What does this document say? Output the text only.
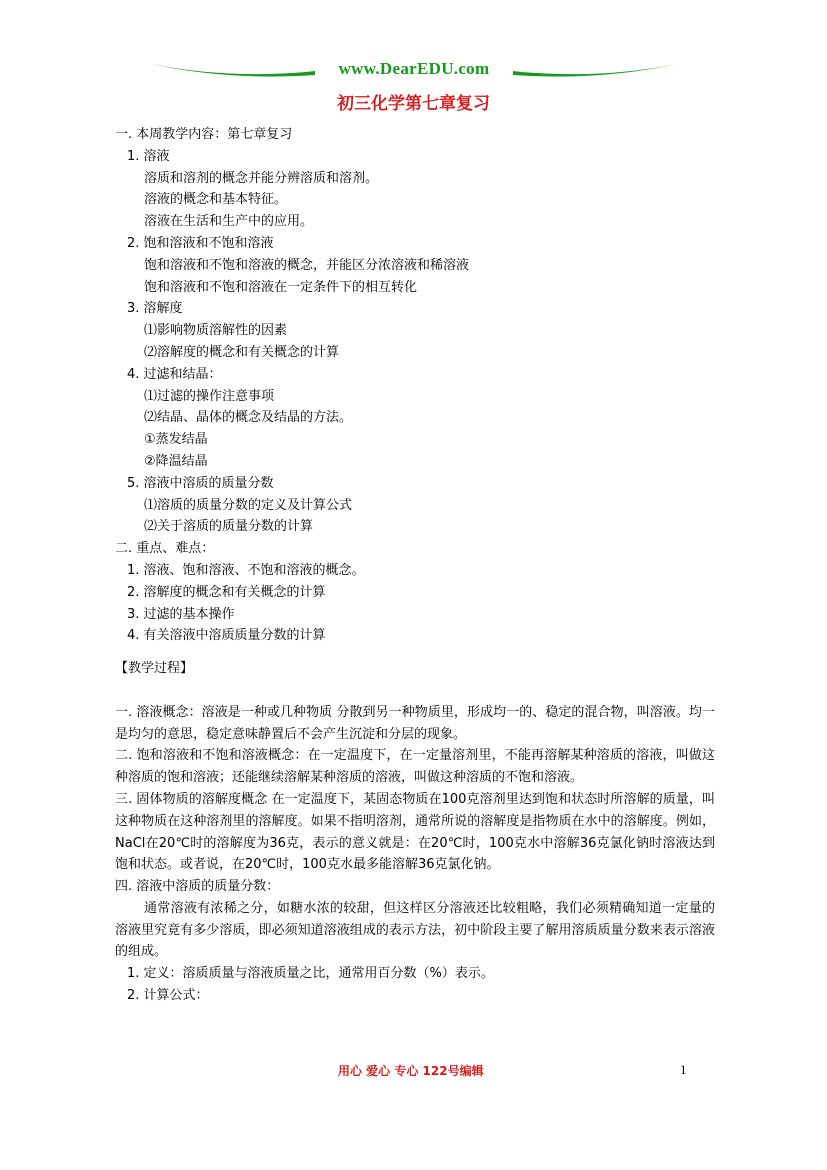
www.DearEDU.com
初三化学第七章复习
一. 本周教学内容：第七章复习
1. 溶液
溶质和溶剂的概念并能分辨溶质和溶剂。
溶液的概念和基本特征。
溶液在生活和生产中的应用。
2. 饱和溶液和不饱和溶液
饱和溶液和不饱和溶液的概念，并能区分浓溶液和稀溶液
饱和溶液和不饱和溶液在一定条件下的相互转化
3. 溶解度
⑴影响物质溶解性的因素
⑵溶解度的概念和有关概念的计算
4. 过滤和结晶：
⑴过滤的操作注意事项
⑵结晶、晶体的概念及结晶的方法。
①蒸发结晶
②降温结晶
5. 溶液中溶质的质量分数
⑴溶质的质量分数的定义及计算公式
⑵关于溶质的质量分数的计算
二. 重点、难点：
1. 溶液、饱和溶液、不饱和溶液的概念。
2. 溶解度的概念和有关概念的计算
3. 过滤的基本操作
4. 有关溶液中溶质质量分数的计算
【教学过程】
一. 溶液概念：溶液是一种或几种物质 分散到另一种物质里，形成均一的、稳定的混合物，叫溶液。均一是均匀的意思，稳定意味静置后不会产生沉淀和分层的现象。
二. 饱和溶液和不饱和溶液概念：在一定温度下，在一定量溶剂里，不能再溶解某种溶质的溶液，叫做这种溶质的饱和溶液；还能继续溶解某种溶质的溶液，叫做这种溶质的不饱和溶液。
三. 固体物质的溶解度概念 在一定温度下，某固态物质在100克溶剂里达到饱和状态时所溶解的质量，叫这种物质在这种溶剂里的溶解度。如果不指明溶剂，通常所说的溶解度是指物质在水中的溶解度。例如，NaCl在20℃时的溶解度为36克，表示的意义就是：在20℃时，100克水中溶解36克氯化钠时溶液达到饱和状态。或者说，在20℃时，100克水最多能溶解36克氯化钠。
四. 溶液中溶质的质量分数：
通常溶液有浓稀之分，如糖水浓的较甜，但这样区分溶液还比较粗略，我们必须精确知道一定量的溶液里究竟有多少溶质，即必须知道溶液组成的表示方法，初中阶段主要了解用溶质质量分数来表示溶液的组成。
1. 定义：溶质质量与溶液质量之比，通常用百分数（%）表示。
2. 计算公式：
用心 爱心 专心 122号编辑	1
